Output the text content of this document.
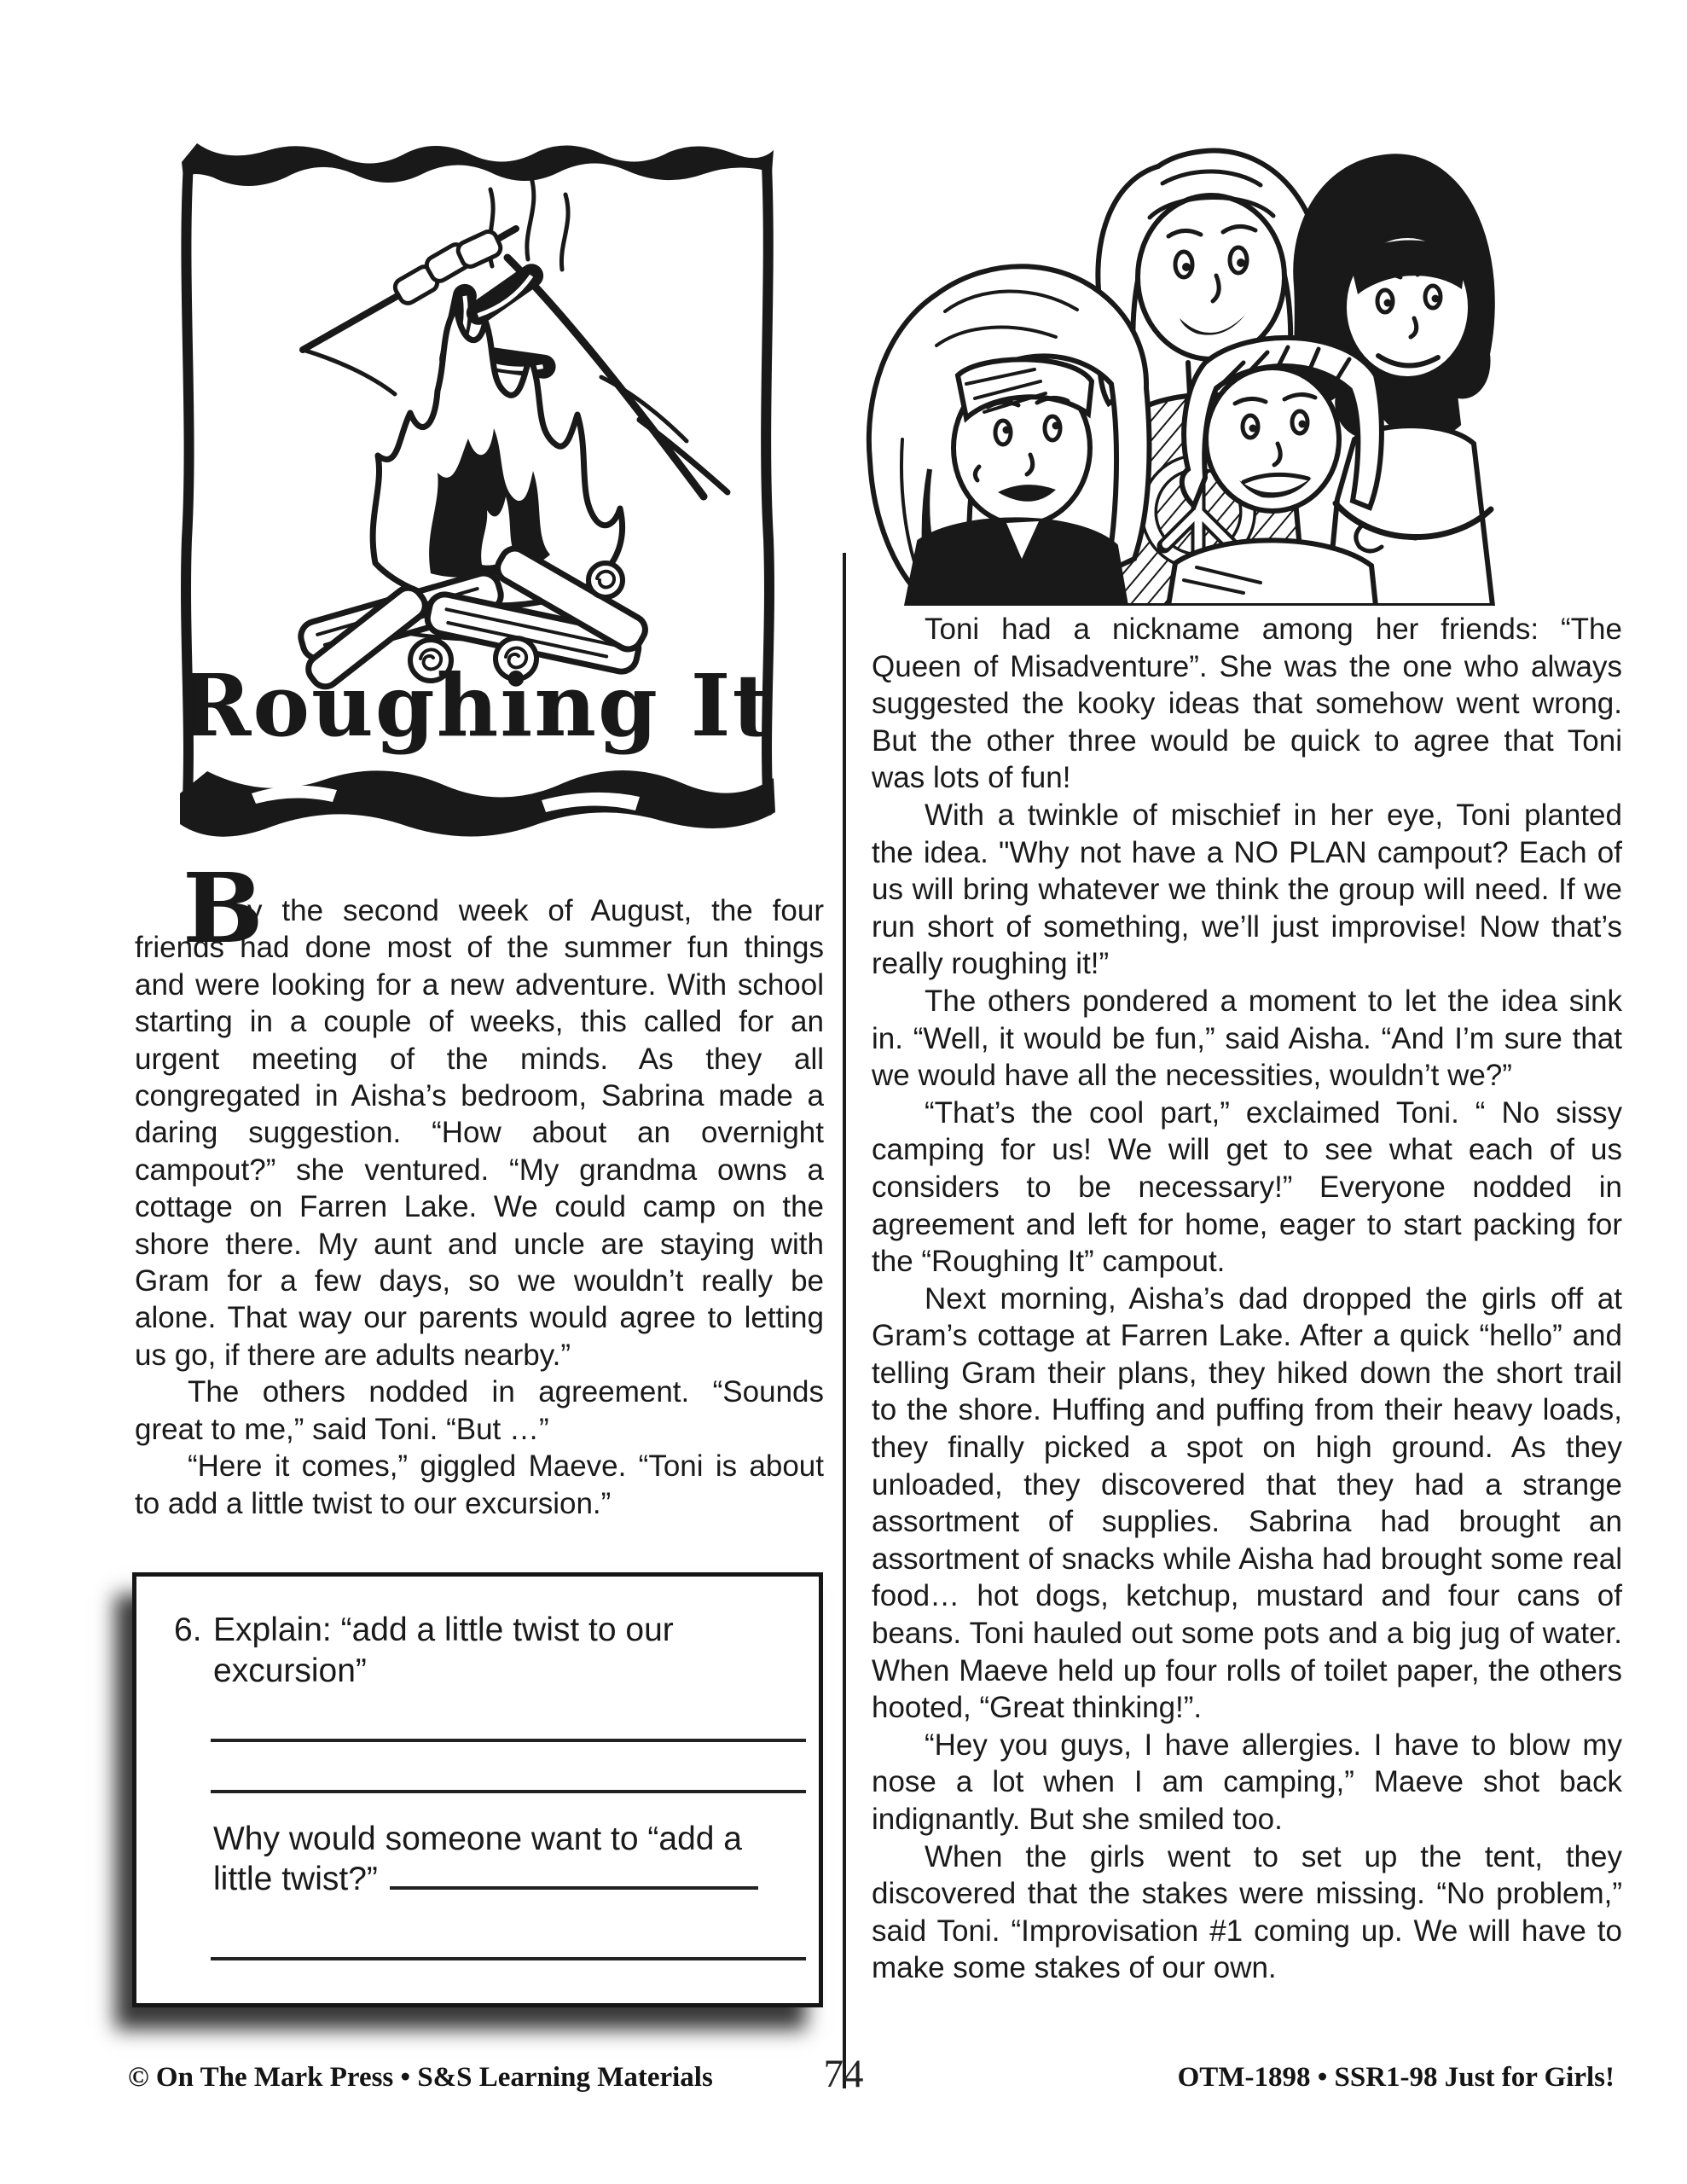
Roughing It
B

y the second week of August, the four friends had done most of the summer fun things and were looking for a new adventure. With school starting in a couple of weeks, this called for an urgent meeting of the minds. As they all congregated in Aisha’s bedroom, Sabrina made a daring suggestion. “How about an overnight campout?” she ventured. “My grandma owns a cottage on Farren Lake. We could camp on the shore there. My aunt and uncle are staying with Gram for a few days, so we wouldn’t really be alone. That way our parents would agree to letting us go, if there are adults nearby.”

The others nodded in agreement. “Sounds great to me,” said Toni. “But …”

“Here it comes,” giggled Maeve. “Toni is about to add a little twist to our excursion.”

Toni had a nickname among her friends: “The Queen of Misadventure”. She was the one who always suggested the kooky ideas that somehow went wrong. But the other three would be quick to agree that Toni was lots of fun!

With a twinkle of mischief in her eye, Toni planted the idea. "Why not have a NO PLAN campout? Each of us will bring whatever we think the group will need. If we run short of something, we’ll just improvise! Now that’s really roughing it!”

The others pondered a moment to let the idea sink in. “Well, it would be fun,” said Aisha. “And I’m sure that we would have all the necessities, wouldn’t we?”

“That’s the cool part,” exclaimed Toni. “ No sissy camping for us! We will get to see what each of us considers to be necessary!” Everyone nodded in agreement and left for home, eager to start packing for the “Roughing It” campout.

Next morning, Aisha’s dad dropped the girls off at Gram’s cottage at Farren Lake. After a quick “hello” and telling Gram their plans, they hiked down the short trail to the shore. Huffing and puffing from their heavy loads, they finally picked a spot on high ground. As they unloaded, they discovered that they had a strange assortment of supplies. Sabrina had brought an assortment of snacks while Aisha had brought some real food… hot dogs, ketchup, mustard and four cans of beans. Toni hauled out some pots and a big jug of water. When Maeve held up four rolls of toilet paper, the others hooted, “Great thinking!”.

“Hey you guys, I have allergies. I have to blow my nose a lot when I am camping,” Maeve shot back indignantly. But she smiled too.

When the girls went to set up the tent, they discovered that the stakes were missing. “No problem,” said Toni. “Improvisation #1 coming up. We will have to make some stakes of our own.

6. Explain: “add a little twist to our
excursion”
Why would someone want to “add a
little twist?”
© On The Mark Press • S&S Learning Materials	74	OTM-1898 • SSR1-98 Just for Girls!
